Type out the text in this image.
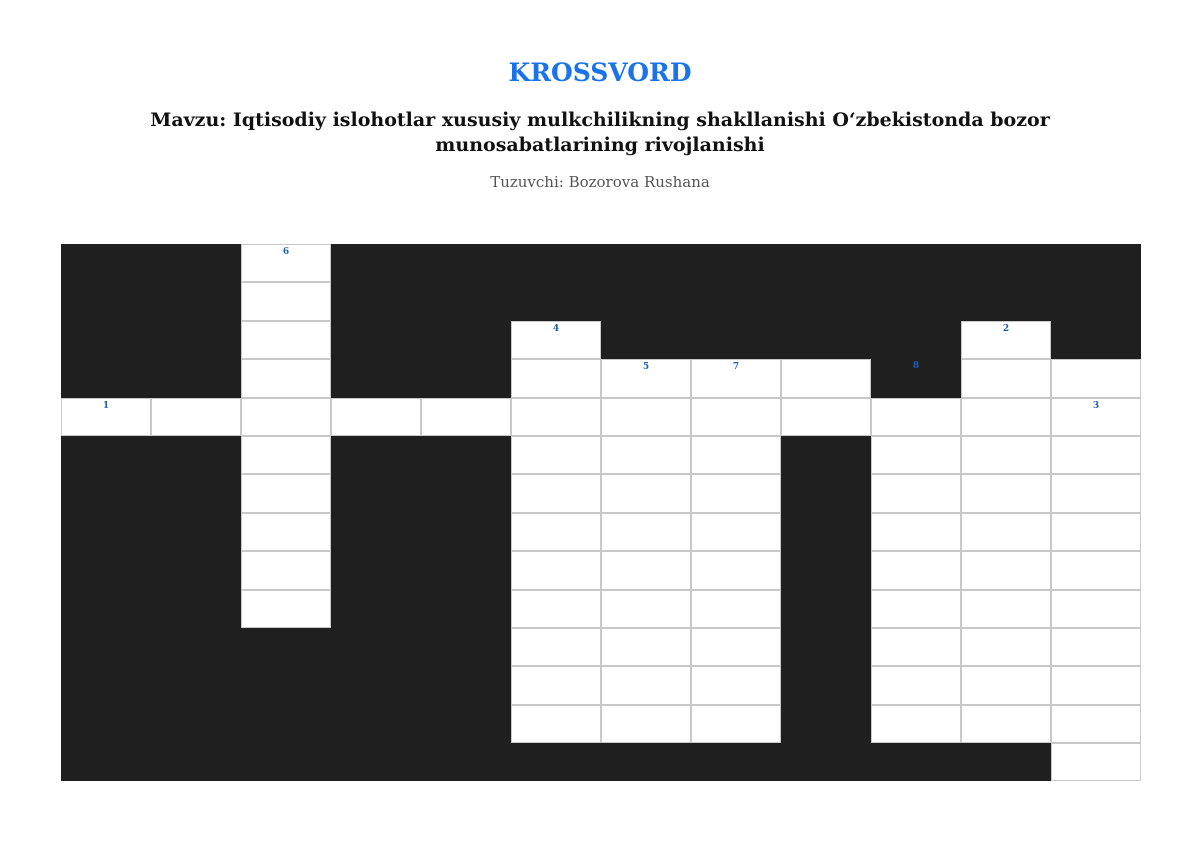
KROSSVORD
Mavzu: Iqtisodiy islohotlar xususiy mulkchilikning shakllanishi O‘zbekistonda bozor munosabatlarining rivojlanishi
Tuzuvchi: Bozorova Rushana
6
4	2
5	7	8
1	3
